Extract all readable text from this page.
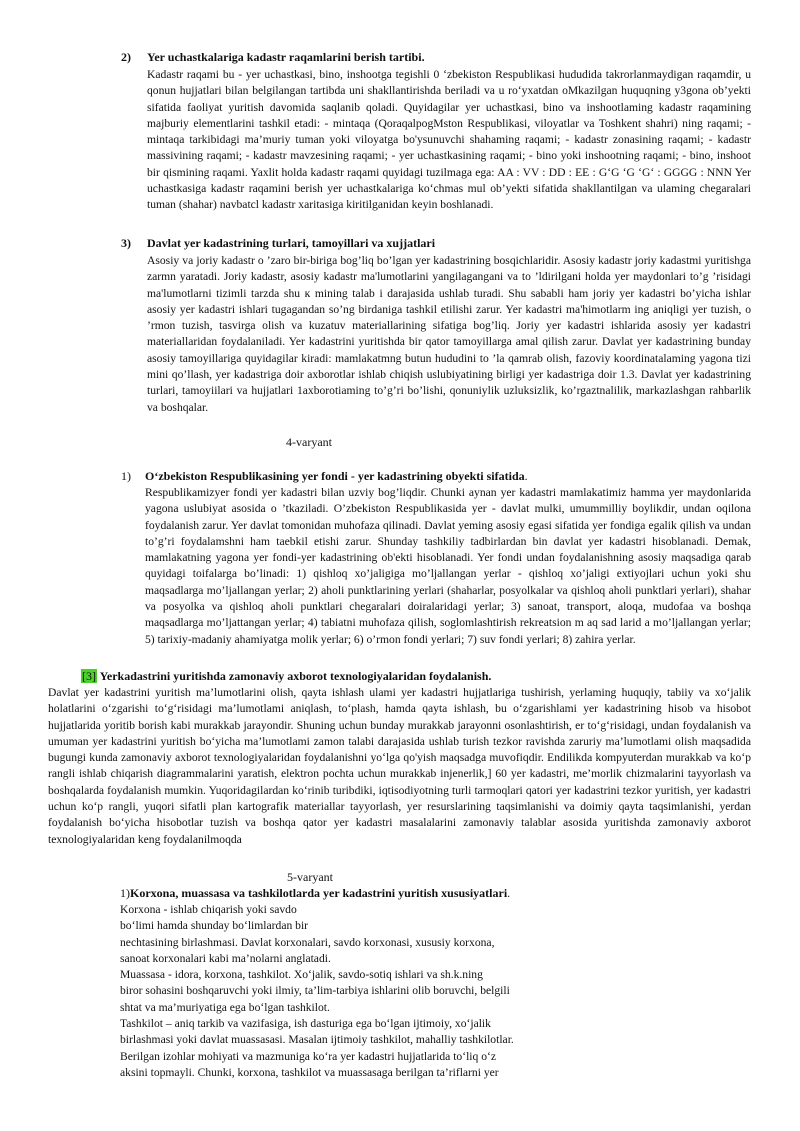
2) Yer uchastkalariga kadastr raqamlarini berish tartibi.
Kadastr raqami bu - yer uchastkasi, bino, inshootga tegishli 0 ‘zbekiston Respublikasi hududida takrorlanmaydigan raqamdir, u qonun hujjatlari bilan belgilangan tartibda uni shakllantirishda beriladi va u ro‘yxatdan oMkazilgan huquqning y3gona ob’yekti sifatida faoliyat yuritish davomida saqlanib qoladi. Quyidagilar yer uchastkasi, bino va inshootlaming kadastr raqamining majburiy elementlarini tashkil etadi: - mintaqa (QoraqalpogMston Respublikasi, viloyatlar va Toshkent shahri) ning raqami; - mintaqa tarkibidagi ma’muriy tuman yoki viloyatga bo'ysunuvchi shahaming raqami; - kadastr zonasining raqami; - kadastr massivining raqami; - kadastr mavzesining raqami; - yer uchastkasining raqami; - bino yoki inshootning raqami; - bino, inshoot bir qismining raqami. Yaxlit holda kadastr raqami quyidagi tuzilmaga ega: AA : VV : DD : EE : G‘G ‘G ‘G‘ : GGGG : NNN Yer uchastkasiga kadastr raqamini berish yer uchastkalariga ko‘chmas mul ob’yekti sifatida shakllantilgan va ulaming chegaralari tuman (shahar) navbatcl kadastr xaritasiga kiritilganidan keyin boshlanadi.
3) Davlat yer kadastrining turlari, tamoyillari va xujjatlari
Asosiy va joriy kadastr o ’zaro bir-biriga bog’liq bo’lgan yer kadastrining bosqichlaridir. Asosiy kadastr joriy kadastmi yuritishga zarmn yaratadi. Joriy kadastr, asosiy kadastr ma'lumotlarini yangilagangani va to ’ldirilgani holda yer maydonlari to’g ’risidagi ma'lumotlarni tizimli tarzda shu к mining talab i darajasida ushlab turadi. Shu sababli ham joriy yer kadastri bo’yicha ishlar asosiy yer kadastri ishlari tugagandan so’ng birdaniga tashkil etilishi zarur. Yer kadastri ma'himotlarm ing aniqligi yer tuzish, o ’rmon tuzish, tasvirga olish va kuzatuv materiallarining sifatiga bog’liq. Joriy yer kadastri ishlarida asosiy yer kadastri materiallaridan foydalaniladi. Yer kadastrini yuritishda bir qator tamoyillarga amal qilish zarur. Davlat yer kadastrining bunday asosiy tamoyillariga quyidagilar kiradi: mamlakatmng butun hududini to ’la qamrab olish, fazoviy koordinatalaming yagona tizi mini qo’llash, yer kadastriga doir axborotlar ishlab chiqish uslubiyatining birligi yer kadastriga doir 1.3. Davlat yer kadastrining turlari, tamoyiilari va hujjatlari 1axborotiaming to’g’ri bo’lishi, qonuniylik uzluksizlik, ko’rgaztnalilik, markazlashgan rahbarlik va boshqalar.
4-varyant
1) O‘zbekiston Respublikasining yer fondi - yer kadastrining obyekti sifatida.
Respublikamizyer fondi yer kadastri bilan uzviy bog’liqdir. Chunki aynan yer kadastri mamlakatimiz hamma yer maydonlarida yagona uslubiyat asosida o ’tkaziladi. O’zbekiston Respublikasida yer - davlat mulki, umummilliy boylikdir, undan oqilona foydalanish zarur. Yer davlat tomonidan muhofaza qilinadi. Davlat yeming asosiy egasi sifatida yer fondiga egalik qilish va undan to’g’ri foydalamshni ham taebkil etishi zarur. Shunday tashkiliy tadbirlardan bin davlat yer kadastri hisoblanadi. Demak, mamlakatning yagona yer fondi-yer kadastrining ob'ekti hisoblanadi. Yer fondi undan foydalanishning asosiy maqsadiga qarab quyidagi toifalarga bo’linadi: 1) qishloq xo’jaligiga mo’ljallangan yerlar - qishloq xo’jaligi extiyojlari uchun yoki shu maqsadlarga mo’ljallangan yerlar; 2) aholi punktlarining yerlari (shaharlar, posyolkalar va qishloq aholi punktlari yerlari), shahar va posyolka va qishloq aholi punktlari chegaralari doiralaridagi yerlar; 3) sanoat, transport, aloqa, mudofaa va boshqa maqsadlarga mo’ljattangan yerlar; 4) tabiatni muhofaza qilish, soglomlashtirish rekreatsion m aq sad larid a mo’ljallangan yerlar; 5) tarixiy-madaniy ahamiyatga molik yerlar; 6) o’rmon fondi yerlari; 7) suv fondi yerlari; 8) zahira yerlar.
[3] Yerkadastrini yuritishda zamonaviy axborot texnologiyalaridan foydalanish.
Davlat yer kadastrini yuritish ma’lumotlarini olish, qayta ishlash ulami yer kadastri hujjatlariga tushirish, yerlaming huquqiy, tabiiy va xo‘jalik holatlarini o‘zgarishi to‘g‘risidagi ma’lumotlami aniqlash, to‘plash, hamda qayta ishlash, bu o‘zgarishlami yer kadastrining hisob va hisobot hujjatlarida yoritib borish kabi murakkab jarayondir. Shuning uchun bunday murakkab jarayonni osonlashtirish, er to‘g‘risidagi, undan foydalanish va umuman yer kadastrini yuritish bo‘yicha ma’lumotlami zamon talabi darajasida ushlab turish tezkor ravishda zaruriy ma’lumotlami olish maqsadida bugungi kunda zamonaviy axborot texnologiyalaridan foydalanishni yo‘lga qo'yish maqsadga muvofiqdir. Endilikda kompyuterdan murakkab va ko‘p rangli ishlab chiqarish diagrammalarini yaratish, elektron pochta uchun murakkab injenerlik,] 60 yer kadastri, me’morlik chizmalarini tayyorlash va boshqalarda foydalanish mumkin. Yuqoridagilardan ko‘rinib turibdiki, iqtisodiyotning turli tarmoqlari qatori yer kadastrini tezkor yuritish, yer kadastri uchun ko‘p rangli, yuqori sifatli plan kartografik materiallar tayyorlash, yer resurslarining taqsimlanishi va doimiy qayta taqsimlanishi, yerdan foydalanish bo‘yicha hisobotlar tuzish va boshqa qator yer kadastri masalalarini zamonaviy talablar asosida yuritishda zamonaviy axborot texnologiyalaridan keng foydalanilmoqda
5-varyant
1)Korxona, muassasa va tashkilotlarda yer kadastrini yuritish xususiyatlari.

Korxona - ishlab chiqarish yoki savdo

bo‘limi hamda shunday bo‘limlardan bir

nechtasining birlashmasi. Davlat korxonalari, savdo korxonasi, xususiy korxona,

sanoat korxonalari kabi ma’nolarni anglatadi.

Muassasa - idora, korxona, tashkilot. Xo‘jalik, savdo-sotiq ishlari va sh.k.ning

biror sohasini boshqaruvchi yoki ilmiy, ta’lim-tarbiya ishlarini olib boruvchi, belgili

shtat va ma’muriyatiga ega bo‘lgan tashkilot.

Tashkilot – aniq tarkib va vazifasiga, ish dasturiga ega bo‘lgan ijtimoiy, xo‘jalik

birlashmasi yoki davlat muassasasi. Masalan ijtimoiy tashkilot, mahalliy tashkilotlar.

Berilgan izohlar mohiyati va mazmuniga ko‘ra yer kadastri hujjatlarida to‘liq o‘z

aksini topmayli. Chunki, korxona, tashkilot va muassasaga berilgan ta’riflarni yer
